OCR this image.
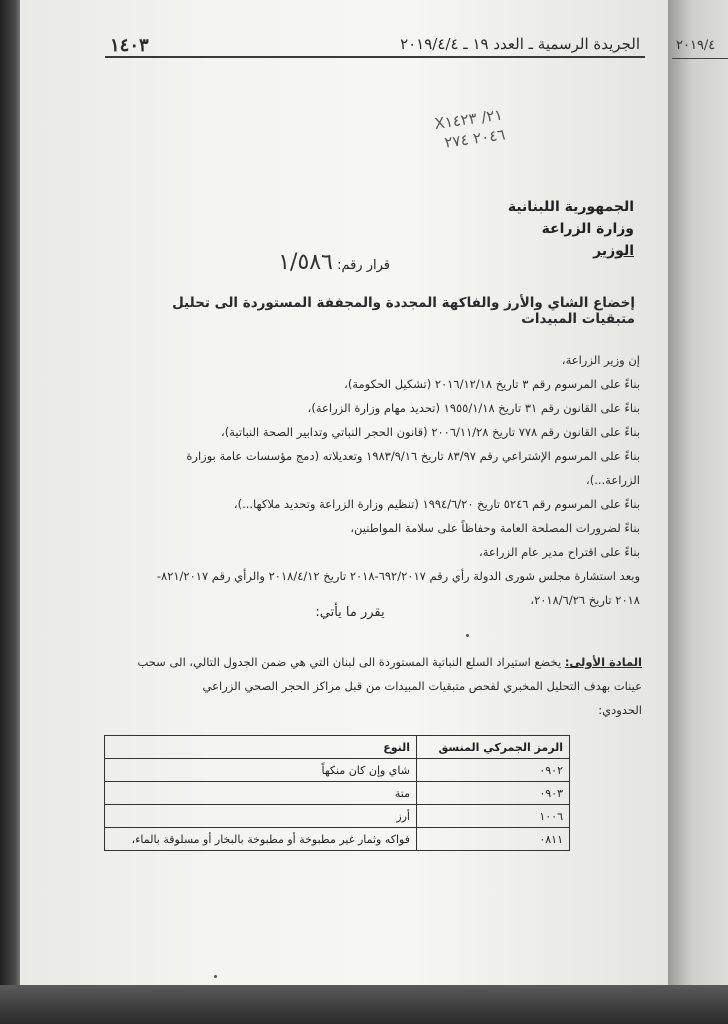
١٤٠٣	الجريدة الرسمية ـ العدد ١٩ ـ ٢٠١٩/٤/٤	٢٠١٩/٤
٢١/ X١٤٢٣
٢٠٤٦ ٢٧٤
الجمهورية اللبنانية
وزارة الزراعة
الوزير
قرار رقم: ١/٥٨٦
إخضاع الشاي والأرز والفاكهة المجددة والمجففة المستوردة الى تحليل متبقيات المبيدات
إن وزير الزراعة،
بناءً على المرسوم رقم ٣ تاريخ ٢٠١٦/١٢/١٨ (تشكيل الحكومة)،
بناءً على القانون رقم ٣١ تاريخ ١٩٥٥/١/١٨ (تحديد مهام وزارة الزراعة)،
بناءً على القانون رقم ٧٧٨ تاريخ ٢٠٠٦/١١/٢٨ (قانون الحجر النباتي وتدابير الصحة النباتية)،
بناءً على المرسوم الإشتراعي رقم ٨٣/٩٧ تاريخ ١٩٨٣/٩/١٦ وتعديلاته (دمج مؤسسات عامة بوزارة
الزراعة...)،
بناءً على المرسوم رقم ٥٢٤٦ تاريخ ١٩٩٤/٦/٢٠ (تنظيم وزارة الزراعة وتحديد ملاكها...)،
بناءً لضرورات المصلحة العامة وحفاظاً على سلامة المواطنين،
بناءً على اقتراح مدير عام الزراعة،
وبعد استشارة مجلس شورى الدولة رأي رقم ٦٩٢/٢٠١٧-٢٠١٨ تاريخ ٢٠١٨/٤/١٢ والرأي رقم ٨٢١/٢٠١٧-
٢٠١٨ تاريخ ٢٠١٨/٦/٢٦،
يقرر ما يأتي:
المادة الأولى: يخضع استيراد السلع النباتية المستوردة الى لبنان التي هي ضمن الجدول التالي، الى سحب
عينات بهدف التحليل المخبري لفحص متبقيات المبيدات من قبل مراكز الحجر الصحي الزراعي
الحدودي:
الرمز الجمركي المنسق	النوع
٠٩٠٢	شاي وإن كان منكهاً
٠٩٠٣	متة
١٠٠٦	أرز
٠٨١١	فواكه وثمار غير مطبوخة أو مطبوخة بالبخار أو مسلوقة بالماء،
